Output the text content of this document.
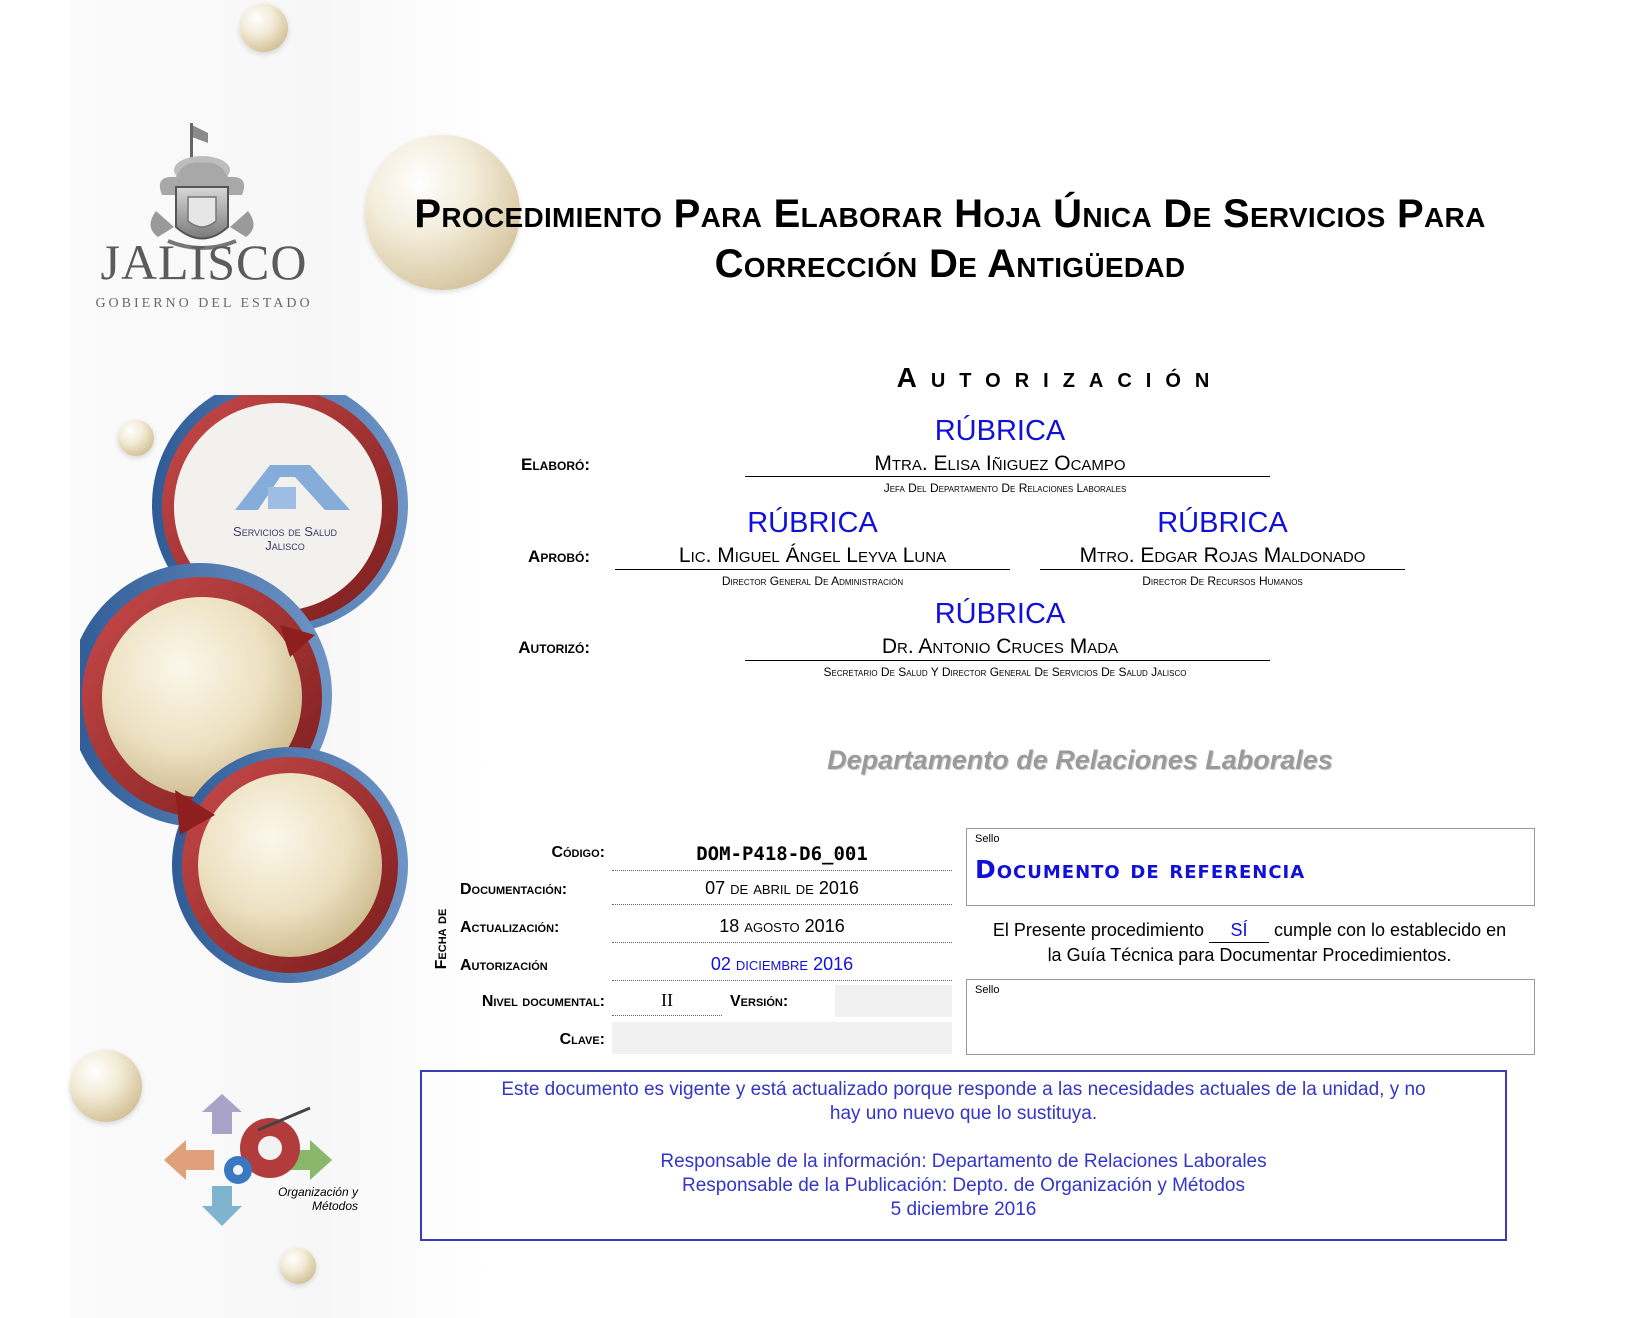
JALISCO
GOBIERNO DEL ESTADO
Servicios de Salud
Jalisco
Organización y
Métodos
Procedimiento Para Elaborar Hoja Única De Servicios Para
Corrección De Antigüedad
Autorización
Elaboró:
RÚBRICA
Mtra. Elisa Iñiguez Ocampo
Jefa Del Departamento De Relaciones Laborales
Aprobó:
RÚBRICA
Lic. Miguel Ángel Leyva Luna
Director General De Administración
RÚBRICA
Mtro. Edgar Rojas Maldonado
Director De Recursos Humanos
Autorizó:
RÚBRICA
Dr. Antonio Cruces Mada
Secretario De Salud Y Director General De Servicios De Salud Jalisco
Departamento de Relaciones Laborales
Código:	DOM-P418-D6_001
Fecha de
Documentación:	07 de abril de 2016
Actualización:	18 agosto 2016
Autorización	02 diciembre 2016
Nivel documental:	II	Versión:
Clave:
Sello
Documento de referencia
El Presente procedimiento SÍ cumple con lo establecido en
la Guía Técnica para Documentar Procedimientos.
Sello
Este documento es vigente y está actualizado porque responde a las necesidades actuales de la unidad, y no
hay uno nuevo que lo sustituya.
Responsable de la información: Departamento de Relaciones Laborales
Responsable de la Publicación: Depto. de Organización y Métodos
5 diciembre 2016
